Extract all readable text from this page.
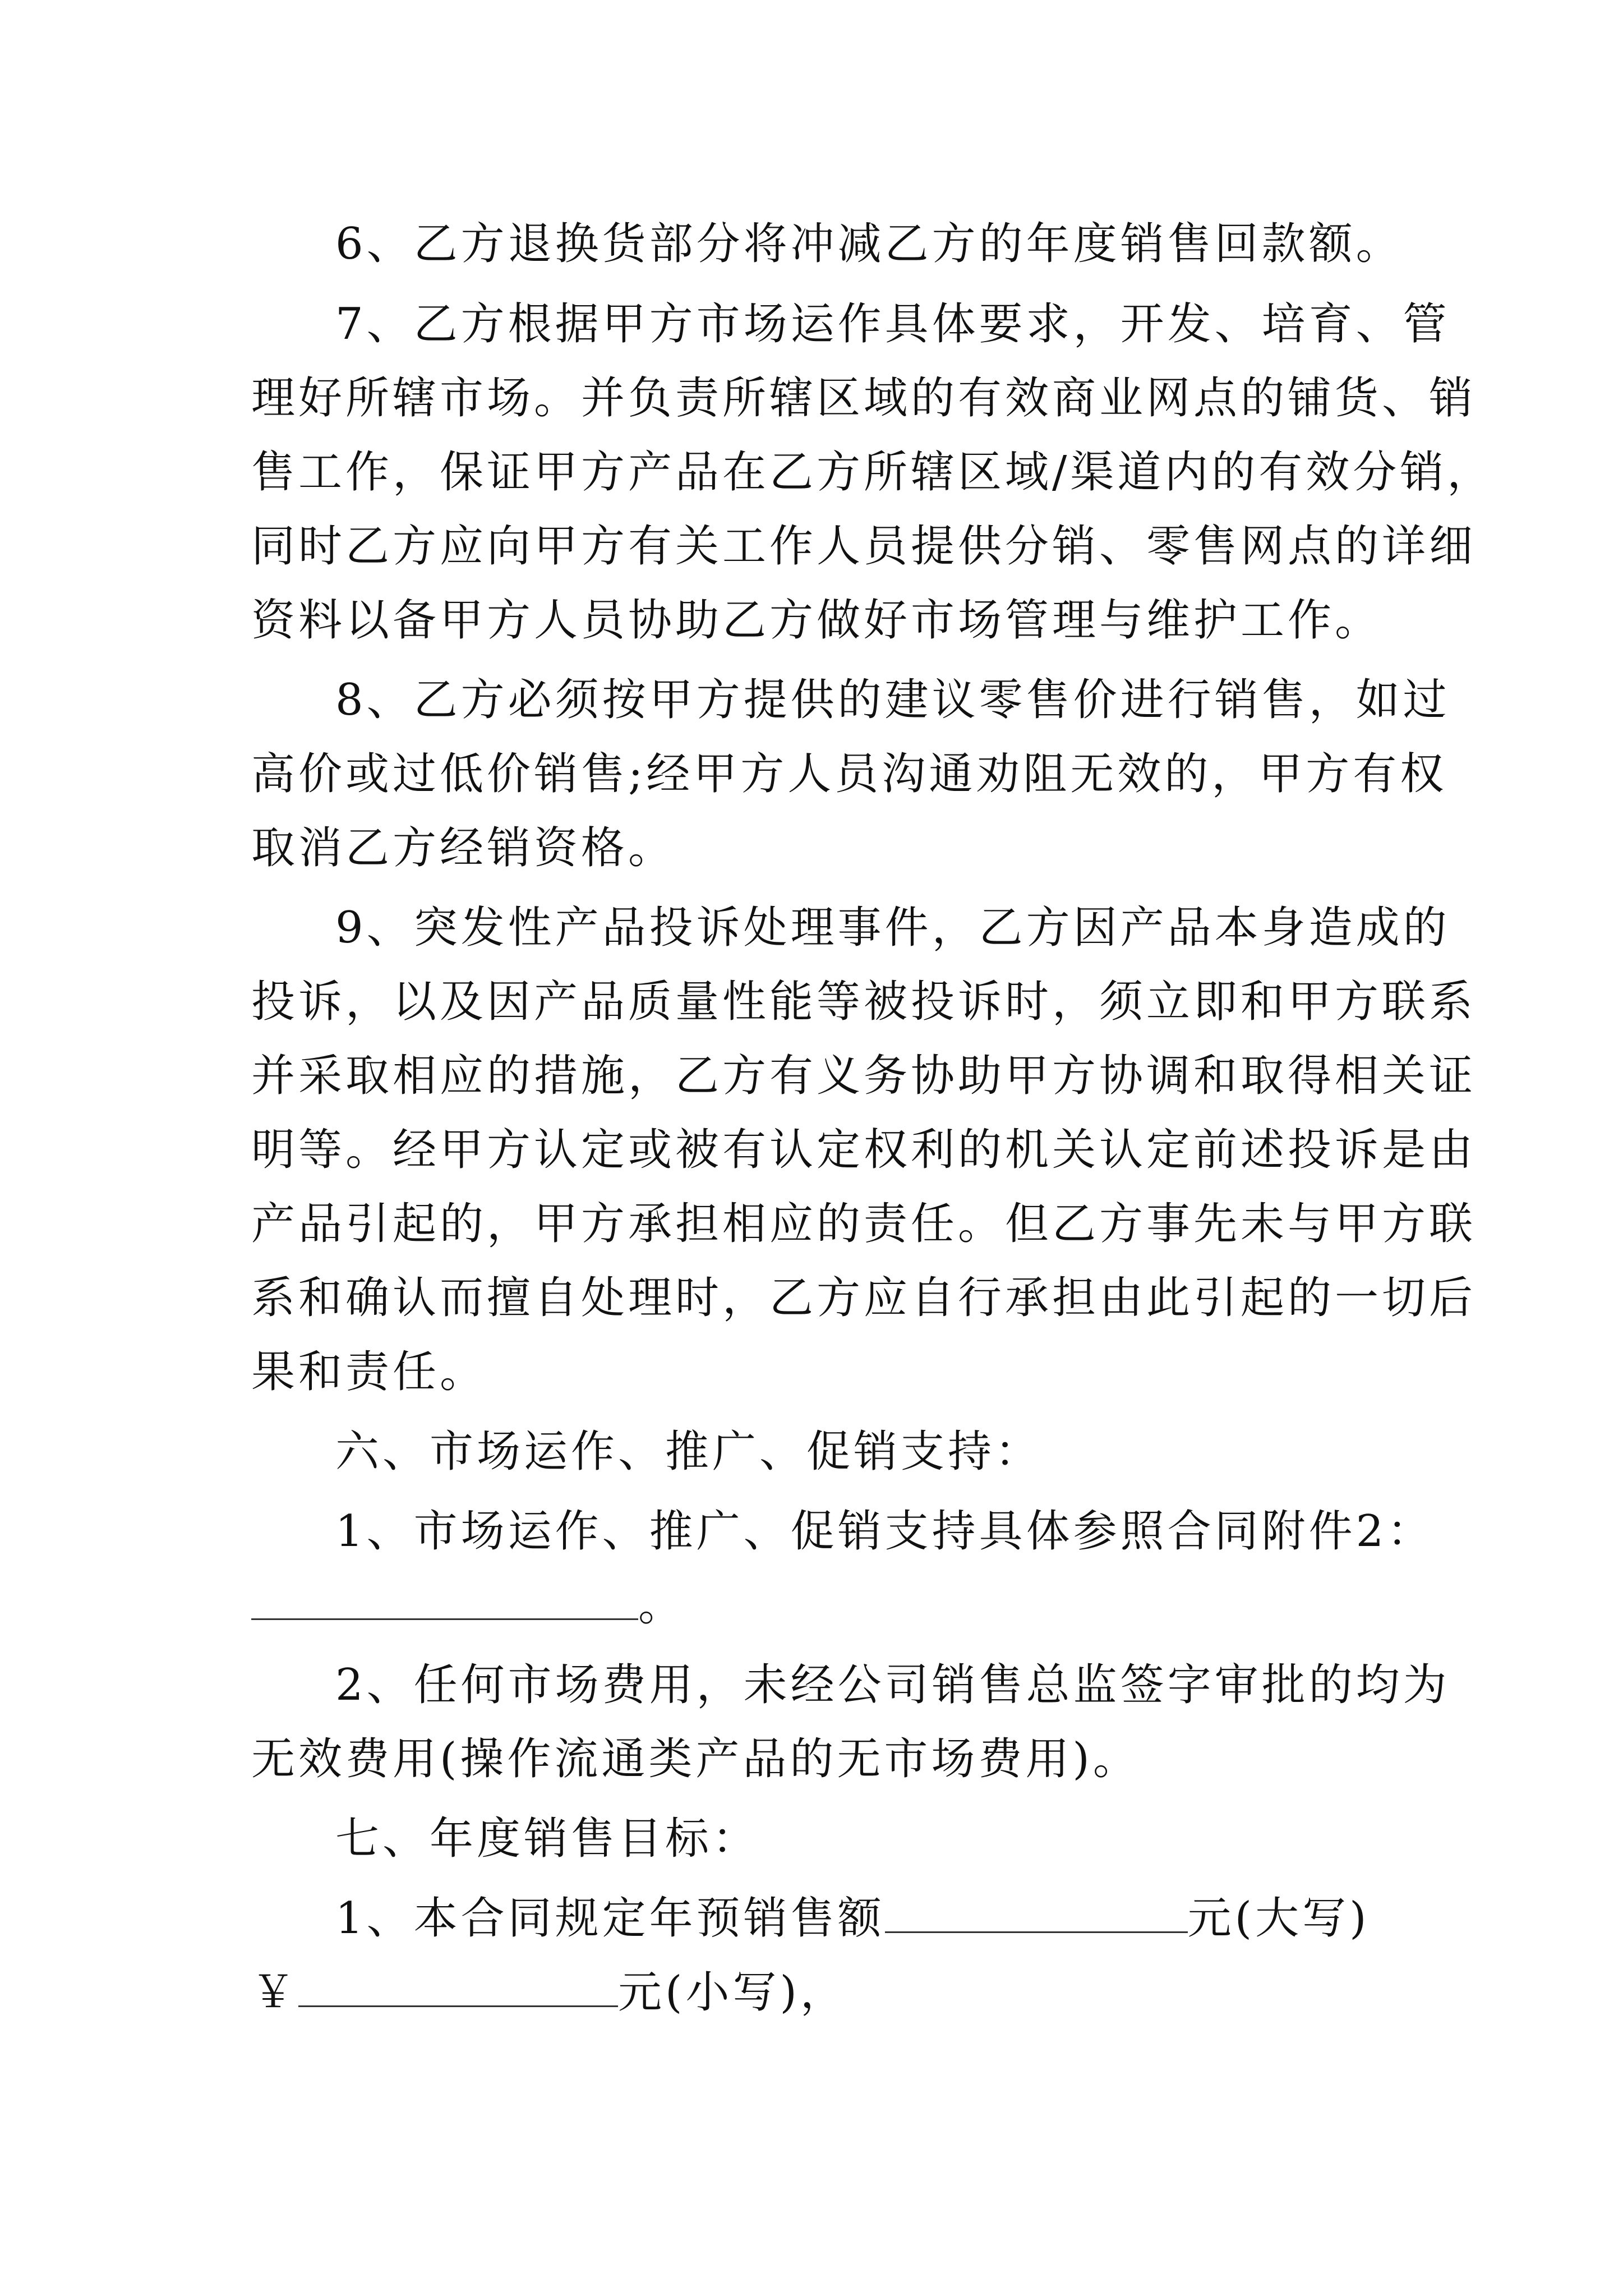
6、乙方退换货部分将冲减乙方的年度销售回款额。
7、乙方根据甲方市场运作具体要求，开发、培育、管
理好所辖市场。并负责所辖区域的有效商业网点的铺货、销
售工作，保证甲方产品在乙方所辖区域/渠道内的有效分销，
同时乙方应向甲方有关工作人员提供分销、零售网点的详细
资料以备甲方人员协助乙方做好市场管理与维护工作。
8、乙方必须按甲方提供的建议零售价进行销售，如过
高价或过低价销售;经甲方人员沟通劝阻无效的，甲方有权
取消乙方经销资格。
9、突发性产品投诉处理事件，乙方因产品本身造成的
投诉，以及因产品质量性能等被投诉时，须立即和甲方联系
并采取相应的措施，乙方有义务协助甲方协调和取得相关证
明等。经甲方认定或被有认定权利的机关认定前述投诉是由
产品引起的，甲方承担相应的责任。但乙方事先未与甲方联
系和确认而擅自处理时，乙方应自行承担由此引起的一切后
果和责任。
六、市场运作、推广、促销支持：
1、市场运作、推广、促销支持具体参照合同附件2：
。
2、任何市场费用，未经公司销售总监签字审批的均为
无效费用(操作流通类产品的无市场费用)。
七、年度销售目标：
1、本合同规定年预销售额	元(大写)
￥	元(小写)，
